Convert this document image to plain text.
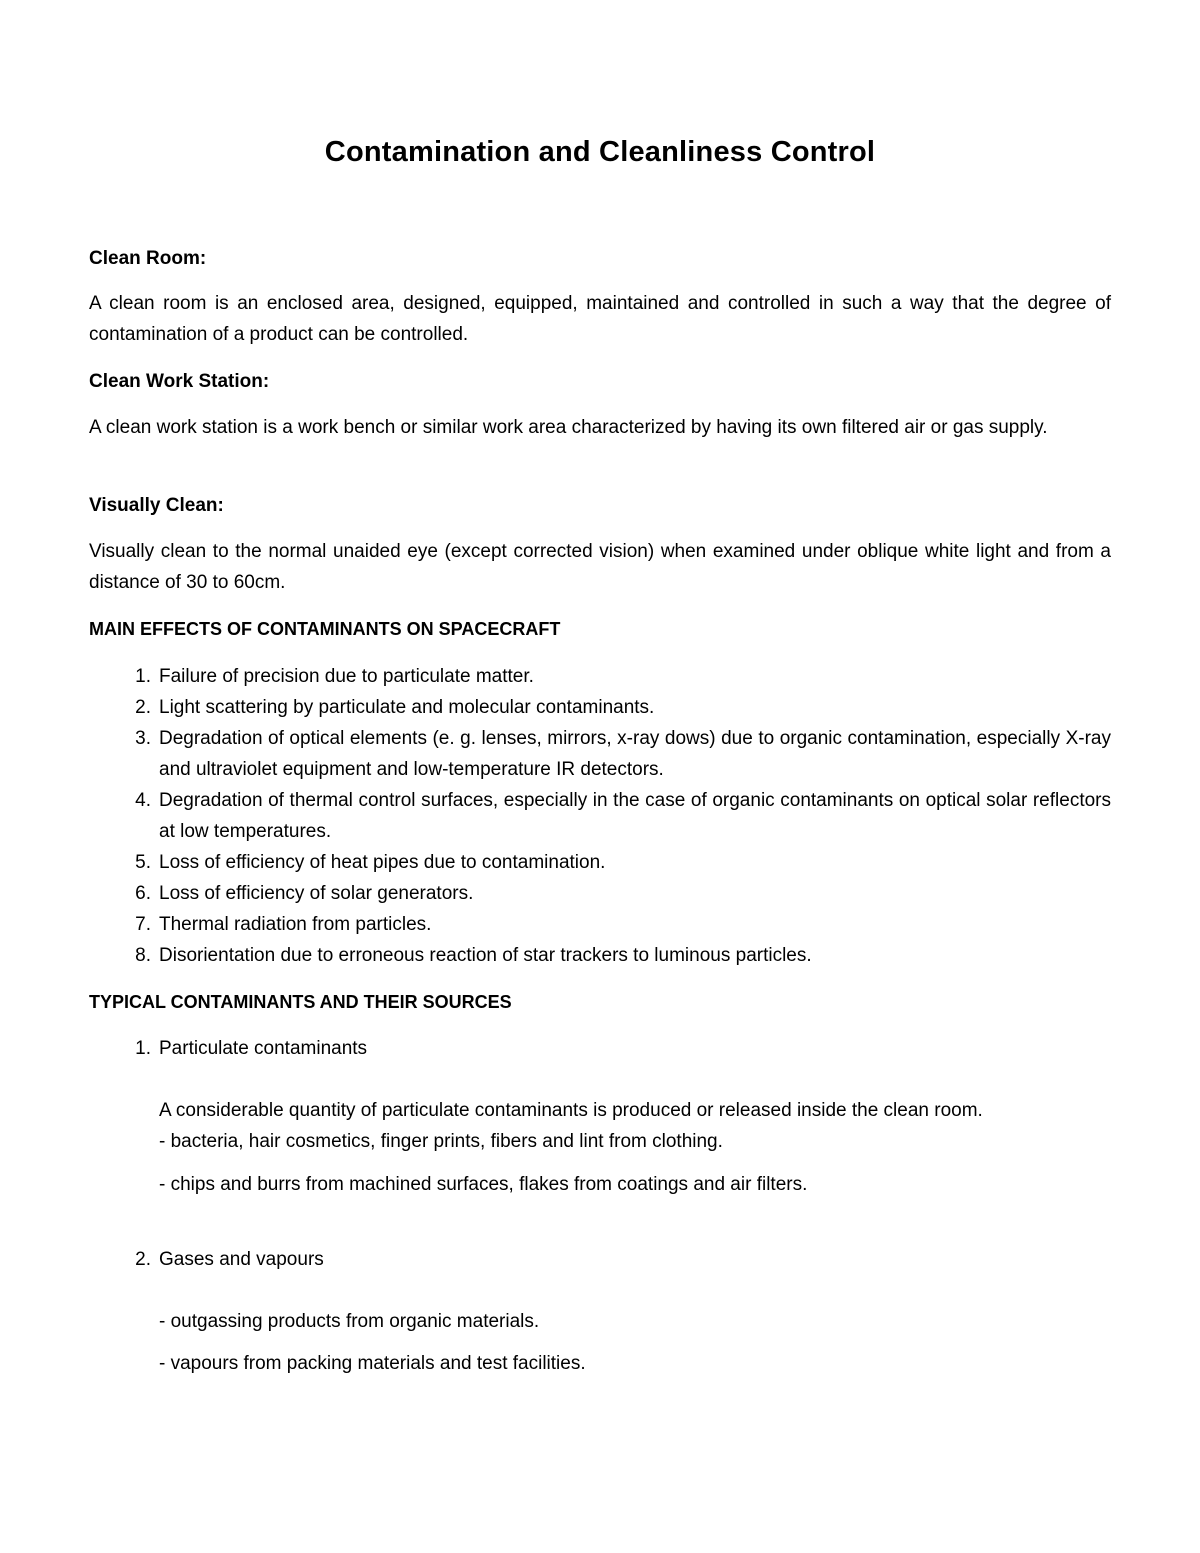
Contamination and Cleanliness Control
Clean Room:
A clean room is an enclosed area, designed, equipped, maintained and controlled in such a way that the degree of contamination of a product can be controlled.
Clean Work Station:
A clean work station is a work bench or similar work area characterized by having its own filtered air or gas supply.
Visually Clean:
Visually clean to the normal unaided eye (except corrected vision) when examined under oblique white light and from a distance of 30 to 60cm.
MAIN EFFECTS OF CONTAMINANTS ON SPACECRAFT
1. Failure of precision due to particulate matter.
2. Light scattering by particulate and molecular contaminants.
3. Degradation of optical elements (e. g. lenses, mirrors, x-ray dows) due to organic contamination, especially X-ray and ultraviolet equipment and low-temperature IR detectors.
4. Degradation of thermal control surfaces, especially in the case of organic contaminants on optical solar reflectors at low temperatures.
5. Loss of efficiency of heat pipes due to contamination.
6. Loss of efficiency of solar generators.
7. Thermal radiation from particles.
8. Disorientation due to erroneous reaction of star trackers to luminous particles.
TYPICAL CONTAMINANTS AND THEIR SOURCES
1. Particulate contaminants
A considerable quantity of particulate contaminants is produced or released inside the clean room.
- bacteria, hair cosmetics, finger prints, fibers and lint from clothing.
- chips and burrs from machined surfaces, flakes from coatings and air filters.
2. Gases and vapours
- outgassing products from organic materials.
- vapours from packing materials and test facilities.
